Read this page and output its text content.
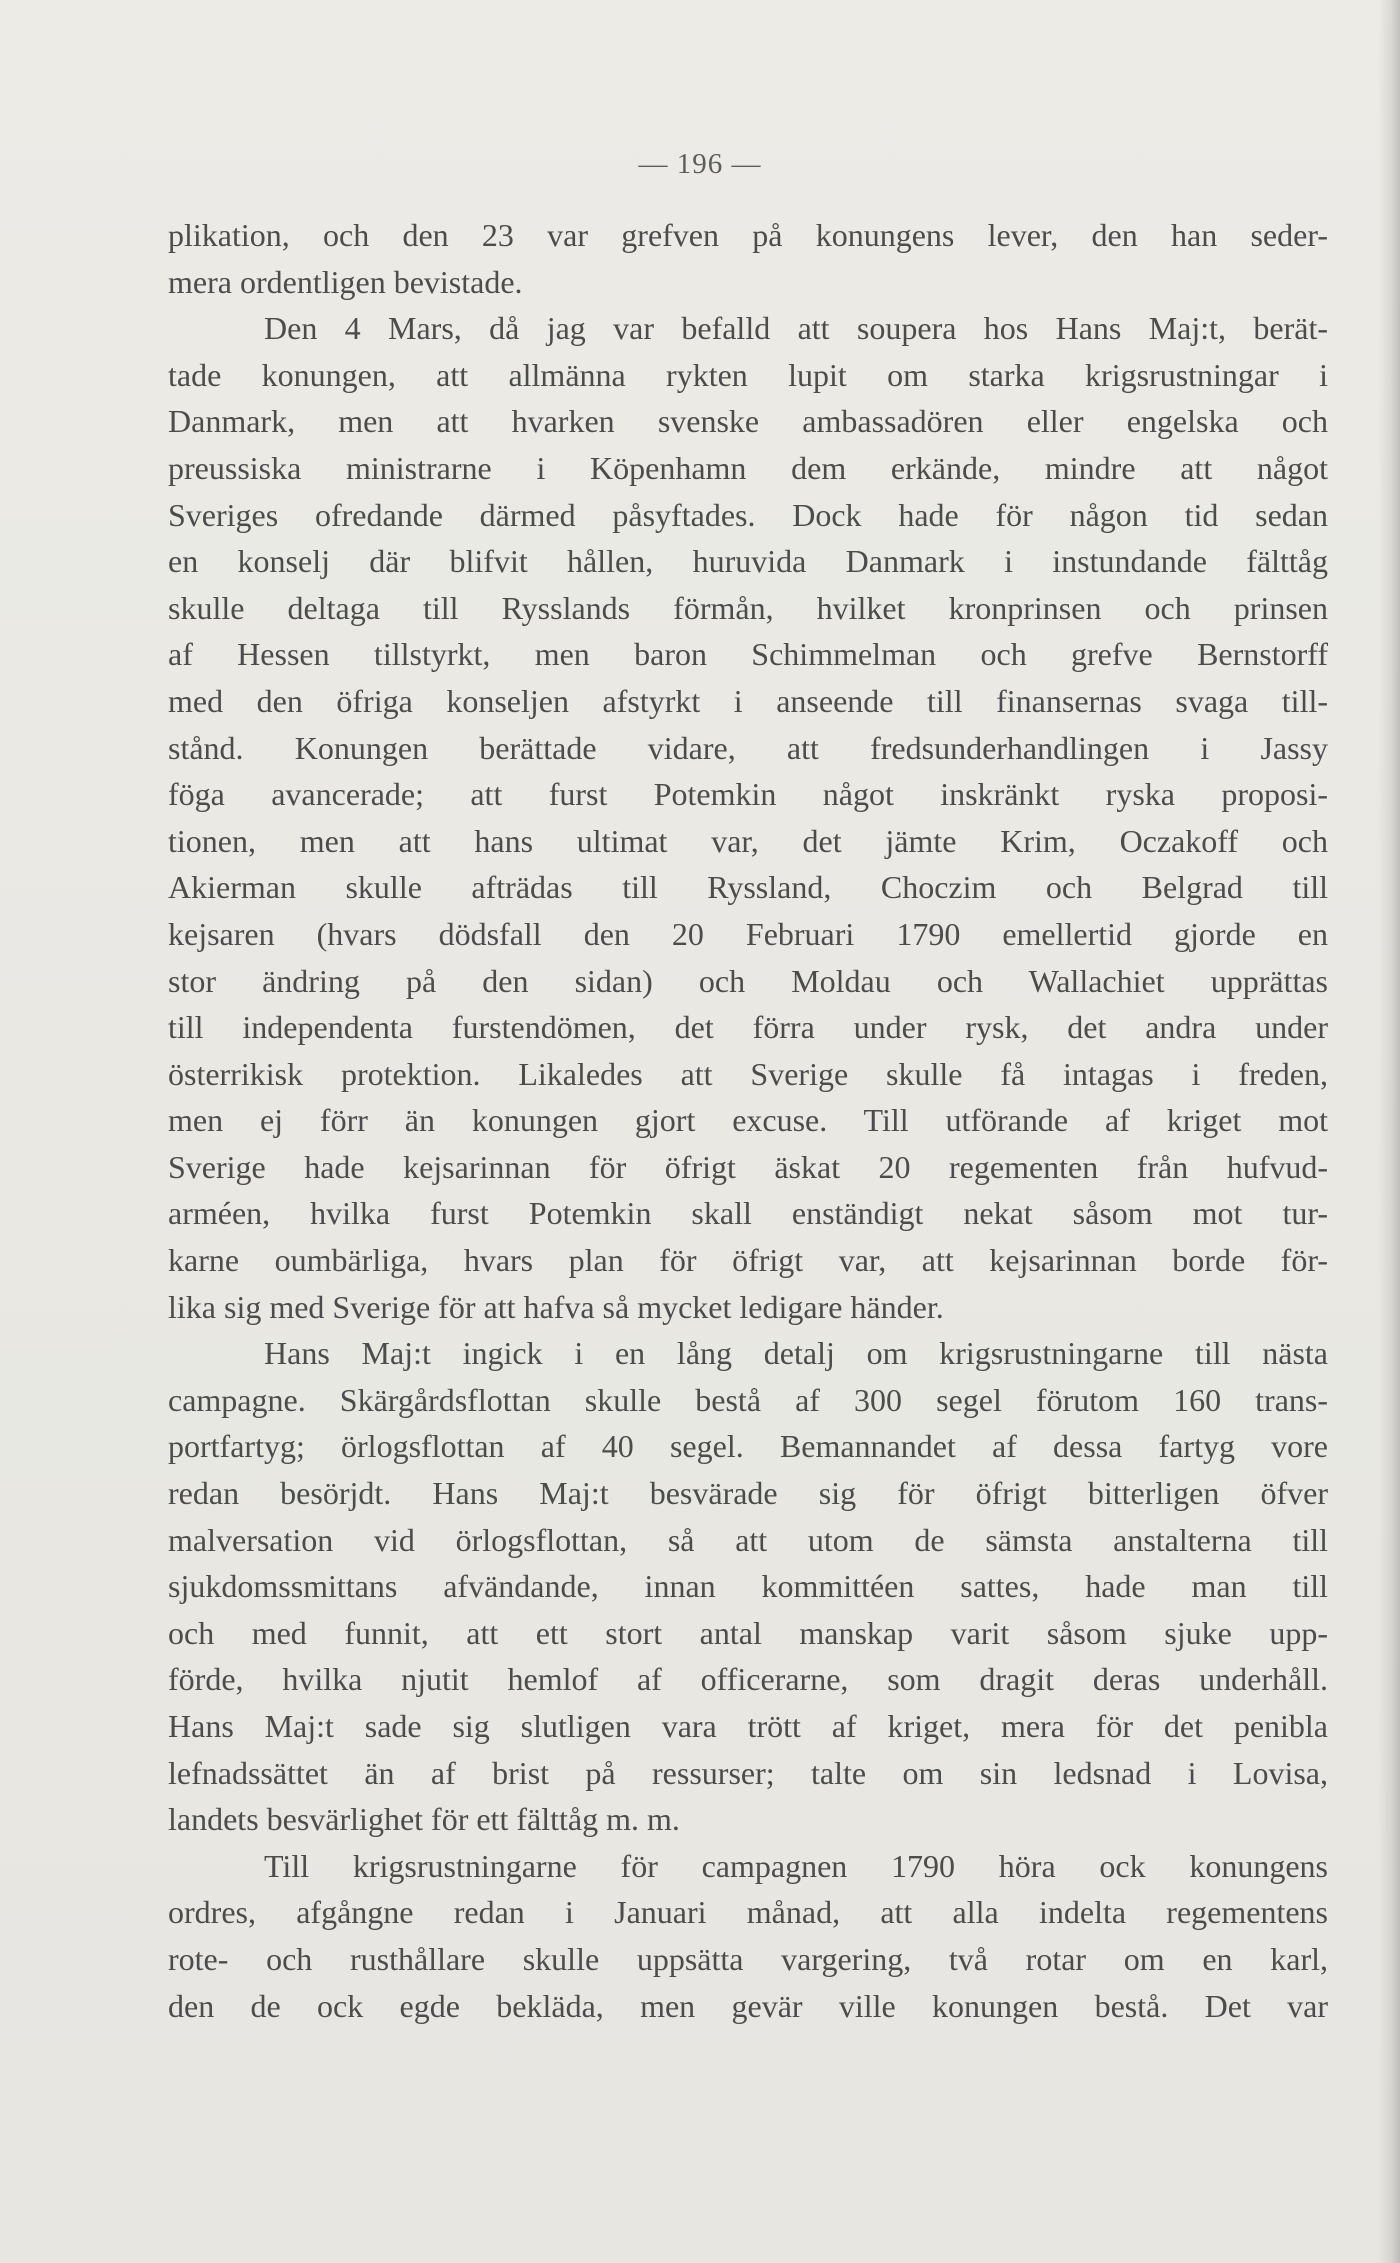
— 196 —
plikation, och den 23 var grefven på konungens lever, den han seder-
mera ordentligen bevistade.
Den 4 Mars, då jag var befalld att soupera hos Hans Maj:t, berät-
tade konungen, att allmänna rykten lupit om starka krigsrustningar i
Danmark, men att hvarken svenske ambassadören eller engelska och
preussiska ministrarne i Köpenhamn dem erkände, mindre att något
Sveriges ofredande därmed påsyftades. Dock hade för någon tid sedan
en konselj där blifvit hållen, huruvida Danmark i instundande fälttåg
skulle deltaga till Rysslands förmån, hvilket kronprinsen och prinsen
af Hessen tillstyrkt, men baron Schimmelman och grefve Bernstorff
med den öfriga konseljen afstyrkt i anseende till finansernas svaga till-
stånd. Konungen berättade vidare, att fredsunderhandlingen i Jassy
föga avancerade; att furst Potemkin något inskränkt ryska proposi-
tionen, men att hans ultimat var, det jämte Krim, Oczakoff och
Akierman skulle afträdas till Ryssland, Choczim och Belgrad till
kejsaren (hvars dödsfall den 20 Februari 1790 emellertid gjorde en
stor ändring på den sidan) och Moldau och Wallachiet upprättas
till independenta furstendömen, det förra under rysk, det andra under
österrikisk protektion. Likaledes att Sverige skulle få intagas i freden,
men ej förr än konungen gjort excuse. Till utförande af kriget mot
Sverige hade kejsarinnan för öfrigt äskat 20 regementen från hufvud-
arméen, hvilka furst Potemkin skall enständigt nekat såsom mot tur-
karne oumbärliga, hvars plan för öfrigt var, att kejsarinnan borde för-
lika sig med Sverige för att hafva så mycket ledigare händer.
Hans Maj:t ingick i en lång detalj om krigsrustningarne till nästa
campagne. Skärgårdsflottan skulle bestå af 300 segel förutom 160 trans-
portfartyg; örlogsflottan af 40 segel. Bemannandet af dessa fartyg vore
redan besörjdt. Hans Maj:t besvärade sig för öfrigt bitterligen öfver
malversation vid örlogsflottan, så att utom de sämsta anstalterna till
sjukdomssmittans afvändande, innan kommittéen sattes, hade man till
och med funnit, att ett stort antal manskap varit såsom sjuke upp-
förde, hvilka njutit hemlof af officerarne, som dragit deras underhåll.
Hans Maj:t sade sig slutligen vara trött af kriget, mera för det penibla
lefnadssättet än af brist på ressurser; talte om sin ledsnad i Lovisa,
landets besvärlighet för ett fälttåg m. m.
Till krigsrustningarne för campagnen 1790 höra ock konungens
ordres, afgångne redan i Januari månad, att alla indelta regementens
rote- och rusthållare skulle uppsätta vargering, två rotar om en karl,
den de ock egde bekläda, men gevär ville konungen bestå. Det var
